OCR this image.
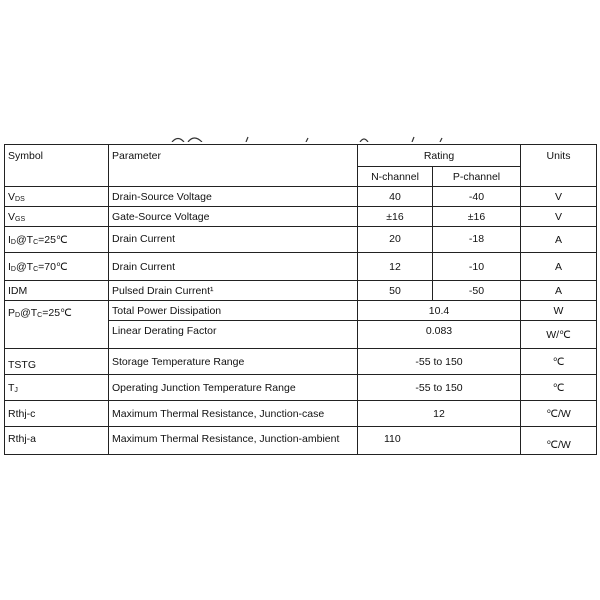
Symbol	Parameter	Rating		Units
		N-channel	P-channel	
VDS	Drain-Source Voltage	40	-40	V
VGS	Gate-Source Voltage	±16	±16	V
ID@TC=25℃	Drain Current	20	-18	A
ID@TC=70℃	Drain Current	12	-10	A
IDM	Pulsed Drain Current¹	50	-50	A
PD@TC=25℃	Total Power Dissipation	10.4		W
	Linear Derating Factor	0.083		W/℃
TSTG	Storage Temperature Range	-55 to 150		℃
TJ	Operating Junction Temperature Range	-55 to 150		℃
Rthj-c	Maximum Thermal Resistance, Junction-case	12		℃/W
Rthj-a	Maximum Thermal Resistance, Junction-ambient	110		℃/W
